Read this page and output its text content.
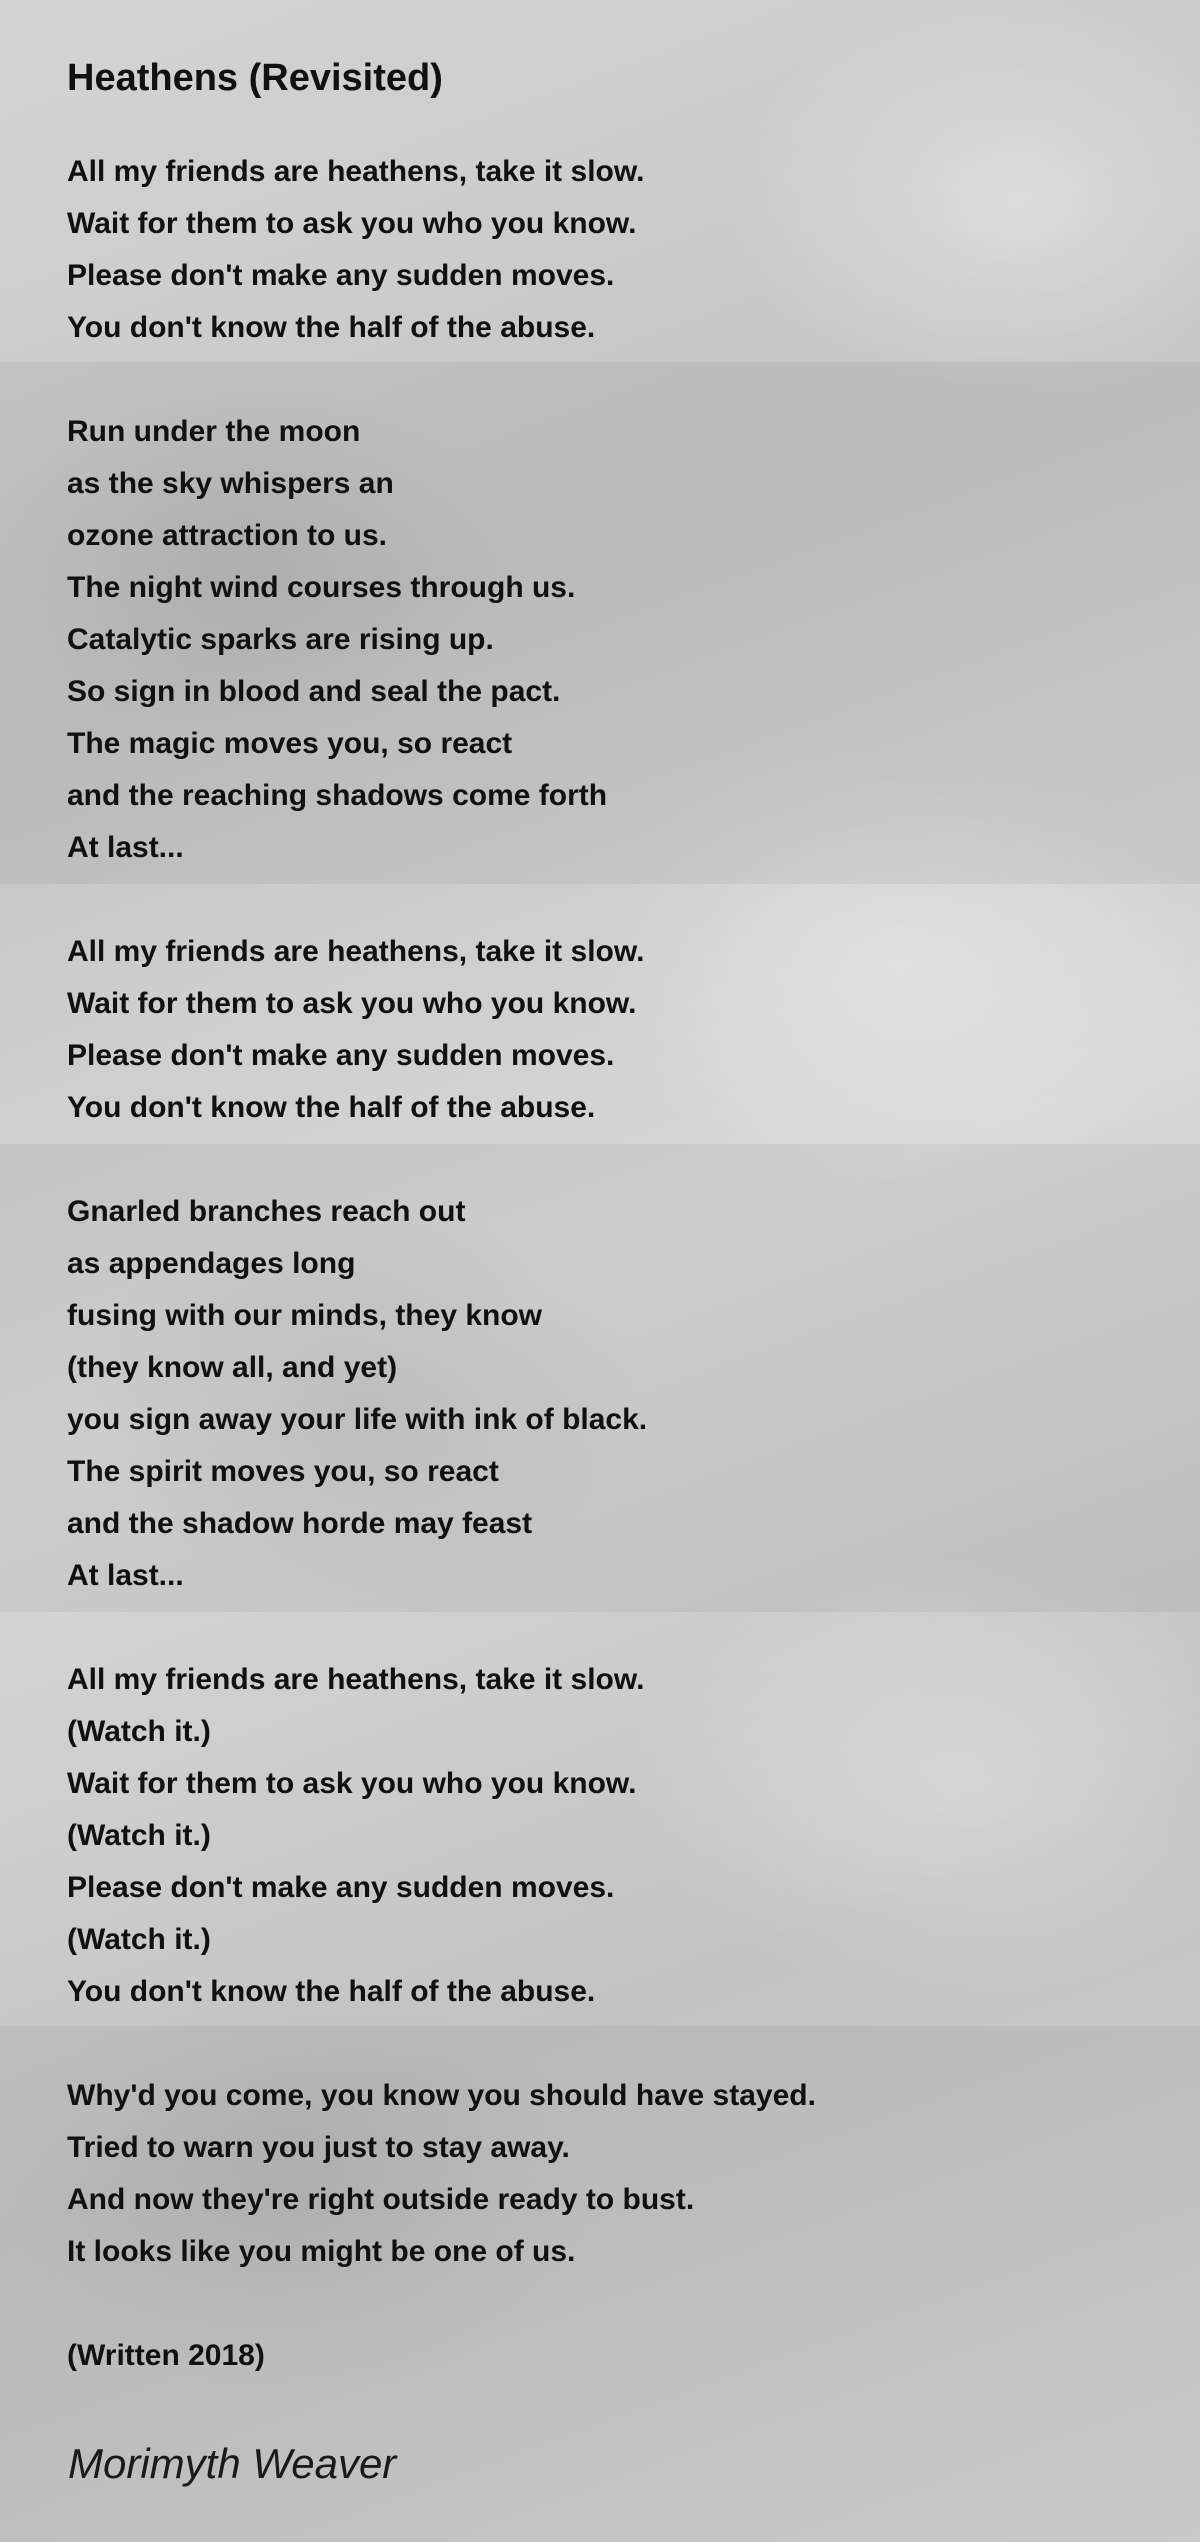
Heathens (Revisited)
All my friends are heathens, take it slow.
Wait for them to ask you who you know.
Please don't make any sudden moves.
You don't know the half of the abuse.
Run under the moon
as the sky whispers an
ozone attraction to us.
The night wind courses through us.
Catalytic sparks are rising up.
So sign in blood and seal the pact.
The magic moves you, so react
and the reaching shadows come forth
At last...
All my friends are heathens, take it slow.
Wait for them to ask you who you know.
Please don't make any sudden moves.
You don't know the half of the abuse.
Gnarled branches reach out
as appendages long
fusing with our minds, they know
(they know all, and yet)
you sign away your life with ink of black.
The spirit moves you, so react
and the shadow horde may feast
At last...
All my friends are heathens, take it slow.
(Watch it.)
Wait for them to ask you who you know.
(Watch it.)
Please don't make any sudden moves.
(Watch it.)
You don't know the half of the abuse.
Why'd you come, you know you should have stayed.
Tried to warn you just to stay away.
And now they're right outside ready to bust.
It looks like you might be one of us.

(Written 2018)

Morimyth Weaver
